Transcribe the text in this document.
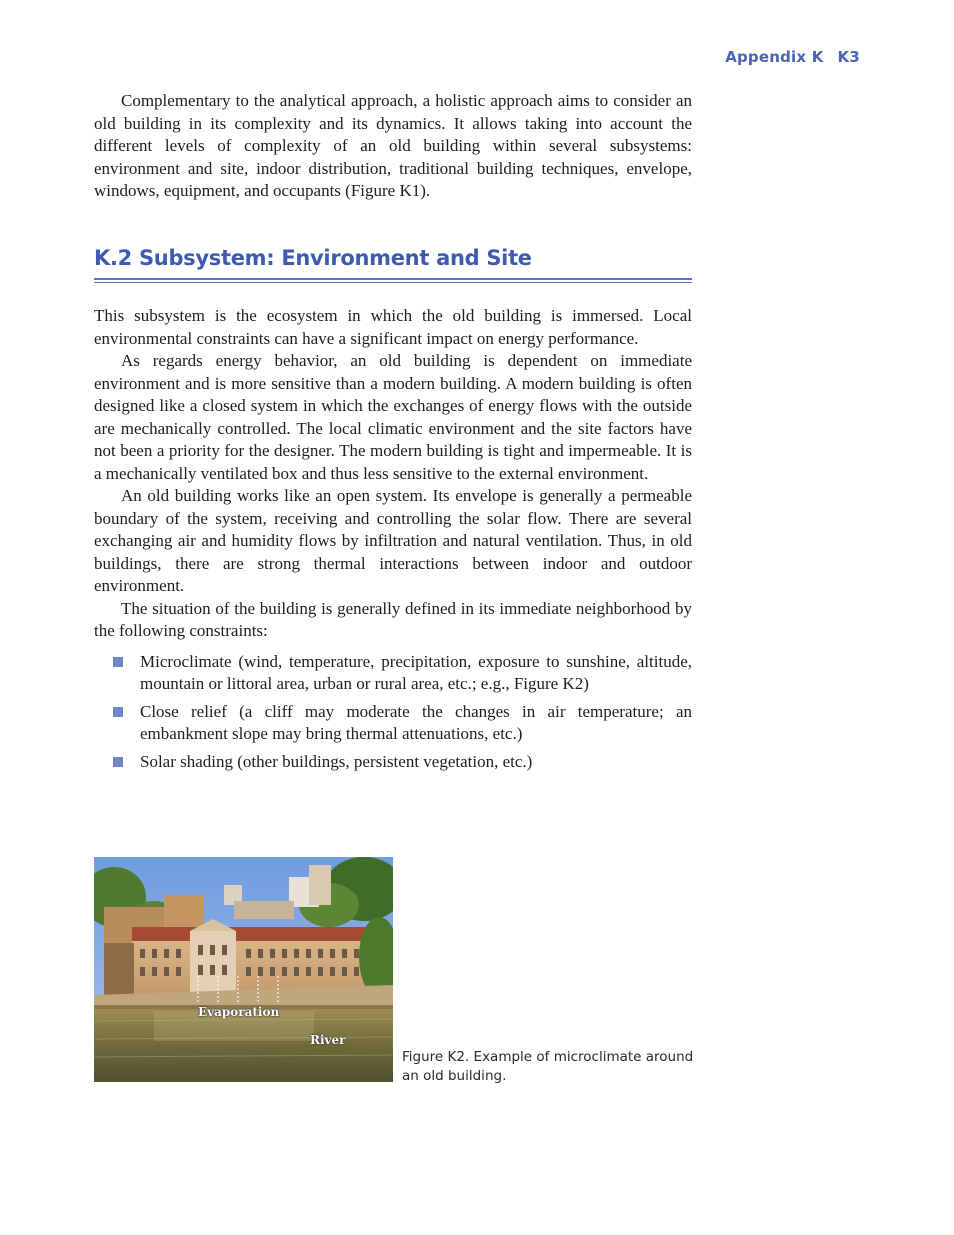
Appendix K K3

Complementary to the analytical approach, a holistic approach aims to consider an old building in its complexity and its dynamics. It allows taking into account the different levels of complexity of an old building within several subsystems: environment and site, indoor distribution, traditional building techniques, envelope, windows, equipment, and occupants (Figure K1).

K.2 Subsystem: Environment and Site

This subsystem is the ecosystem in which the old building is immersed. Local environmental constraints can have a significant impact on energy performance.

As regards energy behavior, an old building is dependent on immediate environment and is more sensitive than a modern building. A modern building is often designed like a closed system in which the exchanges of energy flows with the outside are mechanically controlled. The local climatic environment and the site factors have not been a priority for the designer. The modern building is tight and impermeable. It is a mechanically ventilated box and thus less sensitive to the external environment.

An old building works like an open system. Its envelope is generally a permeable boundary of the system, receiving and controlling the solar flow. There are several exchanging air and humidity flows by infiltration and natural ventilation. Thus, in old buildings, there are strong thermal interactions between indoor and outdoor environment.

The situation of the building is generally defined in its immediate neighborhood by the following constraints:

Microclimate (wind, temperature, precipitation, exposure to sunshine, altitude, mountain or littoral area, urban or rural area, etc.; e.g., Figure K2)
Close relief (a cliff may moderate the changes in air temperature; an embankment slope may bring thermal attenuations, etc.)
Solar shading (other buildings, persistent vegetation, etc.)
Evaporation
River
Figure K2. Example of microclimate around an old building.
